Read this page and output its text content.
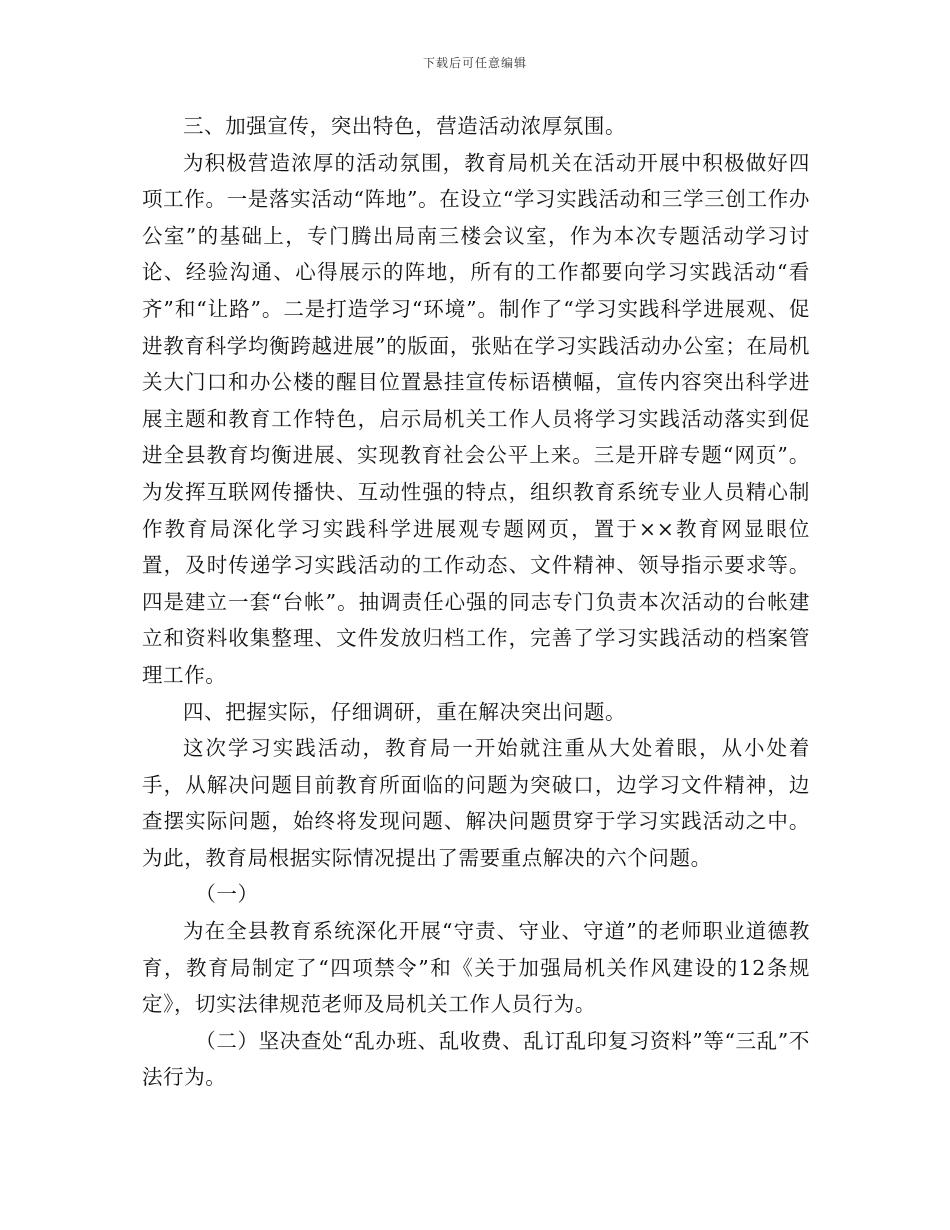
下载后可任意编辑

三、加强宣传，突出特色，营造活动浓厚氛围。

为积极营造浓厚的活动氛围，教育局机关在活动开展中积极做好四项工作。一是落实活动“阵地”。在设立“学习实践活动和三学三创工作办公室”的基础上，专门腾出局南三楼会议室，作为本次专题活动学习讨论、经验沟通、心得展示的阵地，所有的工作都要向学习实践活动“看齐”和“让路”。二是打造学习“环境”。制作了“学习实践科学进展观、促进教育科学均衡跨越进展”的版面，张贴在学习实践活动办公室；在局机关大门口和办公楼的醒目位置悬挂宣传标语横幅，宣传内容突出科学进展主题和教育工作特色，启示局机关工作人员将学习实践活动落实到促进全县教育均衡进展、实现教育社会公平上来。三是开辟专题“网页”。为发挥互联网传播快、互动性强的特点，组织教育系统专业人员精心制作教育局深化学习实践科学进展观专题网页，置于××教育网显眼位置，及时传递学习实践活动的工作动态、文件精神、领导指示要求等。四是建立一套“台帐”。抽调责任心强的同志专门负责本次活动的台帐建立和资料收集整理、文件发放归档工作，完善了学习实践活动的档案管理工作。

四、把握实际，仔细调研，重在解决突出问题。

这次学习实践活动，教育局一开始就注重从大处着眼，从小处着手，从解决问题目前教育所面临的问题为突破口，边学习文件精神，边查摆实际问题，始终将发现问题、解决问题贯穿于学习实践活动之中。为此，教育局根据实际情况提出了需要重点解决的六个问题。

（一）

为在全县教育系统深化开展“守责、守业、守道”的老师职业道德教育，教育局制定了“四项禁令”和《关于加强局机关作风建设的12条规定》，切实法律规范老师及局机关工作人员行为。

（二）坚决查处“乱办班、乱收费、乱订乱印复习资料”等“三乱”不法行为。
